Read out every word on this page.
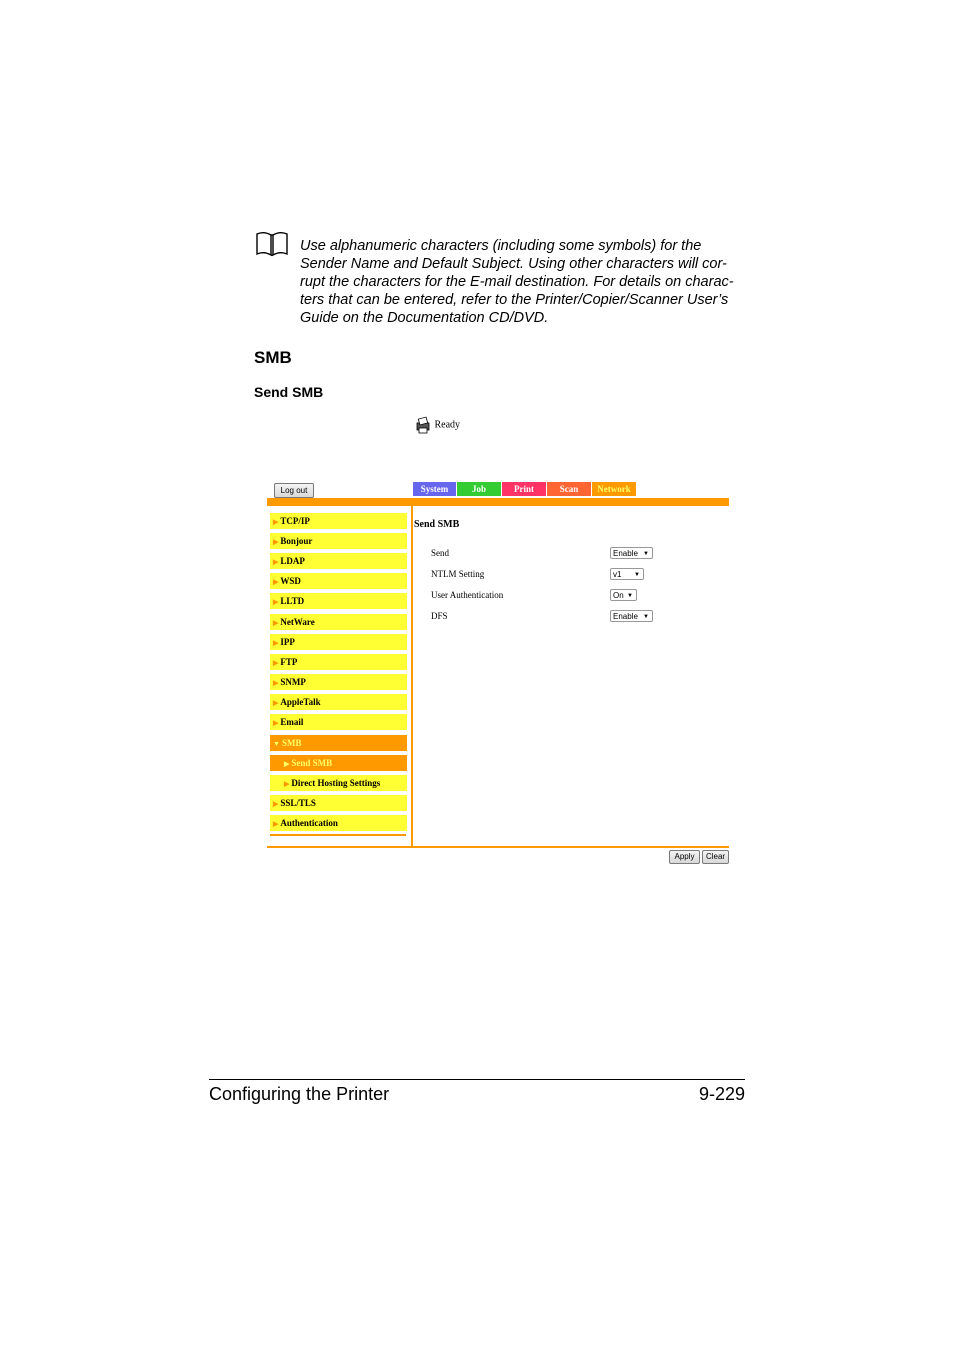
Use alphanumeric characters (including some symbols) for the
Sender Name and Default Subject. Using other characters will cor-
rupt the characters for the E-mail destination. For details on charac-
ters that can be entered, refer to the Printer/Copier/Scanner User’s
Guide on the Documentation CD/DVD.
SMB
Send SMB
Ready
Log out	System	Job	Print	Scan	Network
▶ TCP/IP
▶ Bonjour
▶ LDAP
▶ WSD
▶ LLTD
▶ NetWare
▶ IPP
▶ FTP
▶ SNMP
▶ AppleTalk
▶ Email
▼ SMB
▶ Send SMB
▶ Direct Hosting Settings
▶ SSL/TLS
▶ Authentication
Send SMB
Send	Enable ▼
NTLM Setting	v1 ▼
User Authentication	On ▼
DFS	Enable ▼
Apply	Clear
Configuring the Printer	9-229
